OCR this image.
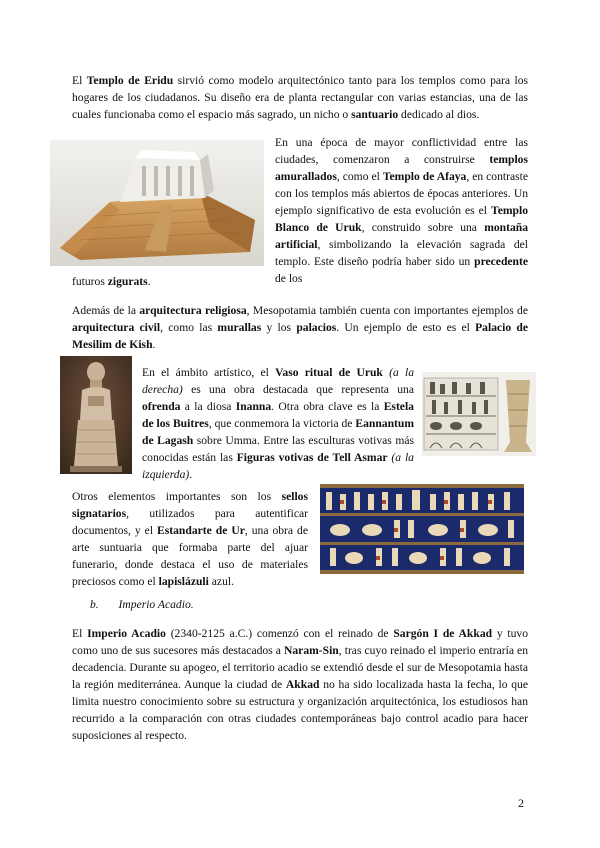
El Templo de Eridu sirvió como modelo arquitectónico tanto para los templos como para los hogares de los ciudadanos. Su diseño era de planta rectangular con varias estancias, una de las cuales funcionaba como el espacio más sagrado, un nicho o santuario dedicado al dios.

En una época de mayor conflictividad entre las ciudades, comenzaron a construirse templos amurallados, como el Templo de Afaya, en contraste con los templos más abiertos de épocas anteriores. Un ejemplo significativo de esta evolución es el Templo Blanco de Uruk, construido sobre una montaña artificial, simbolizando la elevación sagrada del templo. Este diseño podría haber sido un precedente de los

futuros zigurats.

Además de la arquitectura religiosa, Mesopotamia también cuenta con importantes ejemplos de arquitectura civil, como las murallas y los palacios. Un ejemplo de esto es el Palacio de Mesilim de Kish.

En el ámbito artístico, el Vaso ritual de Uruk (a la derecha) es una obra destacada que representa una ofrenda a la diosa Inanna. Otra obra clave es la Estela de los Buitres, que conmemora la victoria de Eannantum de Lagash sobre Umma. Entre las esculturas votivas más conocidas están las Figuras votivas de Tell Asmar (a la izquierda).

Otros elementos importantes son los sellos signatarios, utilizados para autentificar documentos, y el Estandarte de Ur, una obra de arte suntuaria que formaba parte del ajuar funerario, donde destaca el uso de materiales preciosos como el lapislázuli azul.

b. Imperio Acadio.

El Imperio Acadio (2340-2125 a.C.) comenzó con el reinado de Sargón I de Akkad y tuvo como uno de sus sucesores más destacados a Naram-Sin, tras cuyo reinado el imperio entraría en decadencia. Durante su apogeo, el territorio acadio se extendió desde el sur de Mesopotamia hasta la región mediterránea. Aunque la ciudad de Akkad no ha sido localizada hasta la fecha, lo que limita nuestro conocimiento sobre su estructura y organización arquitectónica, los estudiosos han recurrido a la comparación con otras ciudades contemporáneas bajo control acadio para hacer suposiciones al respecto.

2
